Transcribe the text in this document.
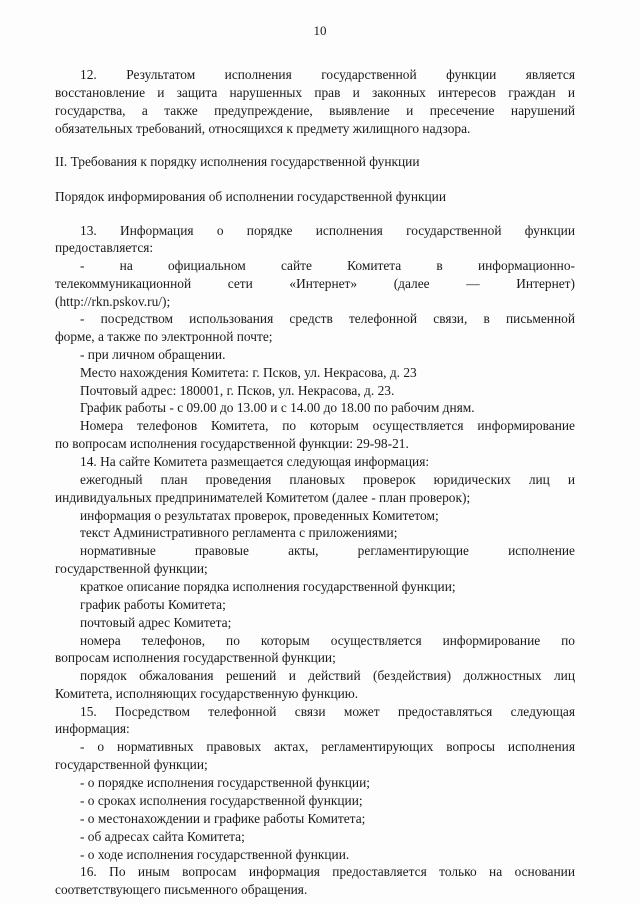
10
12. Результатом исполнения государственной функции является
восстановление и защита нарушенных прав и законных интересов граждан и
государства, а также предупреждение, выявление и пресечение нарушений
обязательных требований, относящихся к предмету жилищного надзора.
II. Требования к порядку исполнения государственной функции
Порядок информирования об исполнении государственной функции
13. Информация о порядке исполнения государственной функции
предоставляется:
- на официальном сайте Комитета в информационно-
телекоммуникационной сети «Интернет» (далее — Интернет)
(http://rkn.pskov.ru/);
- посредством использования средств телефонной связи, в письменной
форме, а также по электронной почте;
- при личном обращении.
Место нахождения Комитета: г. Псков, ул. Некрасова, д. 23
Почтовый адрес: 180001, г. Псков, ул. Некрасова, д. 23.
График работы - с 09.00 до 13.00 и с 14.00 до 18.00 по рабочим дням.
Номера телефонов Комитета, по которым осуществляется информирование
по вопросам исполнения государственной функции: 29-98-21.
14. На сайте Комитета размещается следующая информация:
ежегодный план проведения плановых проверок юридических лиц и
индивидуальных предпринимателей Комитетом (далее - план проверок);
информация о результатах проверок, проведенных Комитетом;
текст Административного регламента с приложениями;
нормативные правовые акты, регламентирующие исполнение
государственной функции;
краткое описание порядка исполнения государственной функции;
график работы Комитета;
почтовый адрес Комитета;
номера телефонов, по которым осуществляется информирование по
вопросам исполнения государственной функции;
порядок обжалования решений и действий (бездействия) должностных лиц
Комитета, исполняющих государственную функцию.
15. Посредством телефонной связи может предоставляться следующая
информация:
- о нормативных правовых актах, регламентирующих вопросы исполнения
государственной функции;
- о порядке исполнения государственной функции;
- о сроках исполнения государственной функции;
- о местонахождении и графике работы Комитета;
- об адресах сайта Комитета;
- о ходе исполнения государственной функции.
16. По иным вопросам информация предоставляется только на основании
соответствующего письменного обращения.
